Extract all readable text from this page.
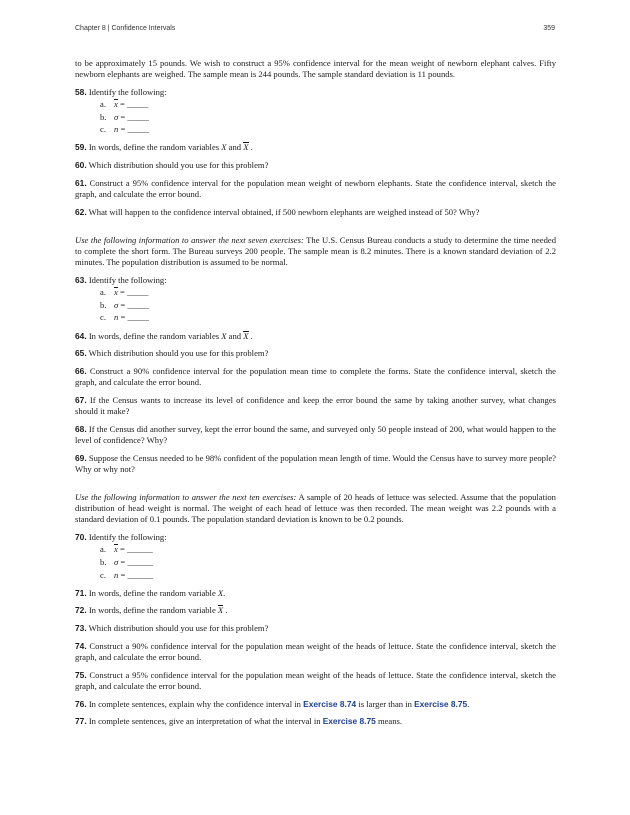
Chapter 8 | Confidence Intervals	359

to be approximately 15 pounds. We wish to construct a 95% confidence interval for the mean weight of newborn elephant calves. Fifty newborn elephants are weighed. The sample mean is 244 pounds. The sample standard deviation is 11 pounds.

58. Identify the following:

a. x = _____
b. σ = _____
c. n = _____

59. In words, define the random variables X and X .

60. Which distribution should you use for this problem?

61. Construct a 95% confidence interval for the population mean weight of newborn elephants. State the confidence interval, sketch the graph, and calculate the error bound.

62. What will happen to the confidence interval obtained, if 500 newborn elephants are weighed instead of 50? Why?

Use the following information to answer the next seven exercises: The U.S. Census Bureau conducts a study to determine the time needed to complete the short form. The Bureau surveys 200 people. The sample mean is 8.2 minutes. There is a known standard deviation of 2.2 minutes. The population distribution is assumed to be normal.

63. Identify the following:

a. x = _____
b. σ = _____
c. n = _____

64. In words, define the random variables X and X .

65. Which distribution should you use for this problem?

66. Construct a 90% confidence interval for the population mean time to complete the forms. State the confidence interval, sketch the graph, and calculate the error bound.

67. If the Census wants to increase its level of confidence and keep the error bound the same by taking another survey, what changes should it make?

68. If the Census did another survey, kept the error bound the same, and surveyed only 50 people instead of 200, what would happen to the level of confidence? Why?

69. Suppose the Census needed to be 98% confident of the population mean length of time. Would the Census have to survey more people? Why or why not?

Use the following information to answer the next ten exercises: A sample of 20 heads of lettuce was selected. Assume that the population distribution of head weight is normal. The weight of each head of lettuce was then recorded. The mean weight was 2.2 pounds with a standard deviation of 0.1 pounds. The population standard deviation is known to be 0.2 pounds.

70. Identify the following:

a. x = ______
b. σ = ______
c. n = ______

71. In words, define the random variable X.

72. In words, define the random variable X .

73. Which distribution should you use for this problem?

74. Construct a 90% confidence interval for the population mean weight of the heads of lettuce. State the confidence interval, sketch the graph, and calculate the error bound.

75. Construct a 95% confidence interval for the population mean weight of the heads of lettuce. State the confidence interval, sketch the graph, and calculate the error bound.

76. In complete sentences, explain why the confidence interval in Exercise 8.74 is larger than in Exercise 8.75.

77. In complete sentences, give an interpretation of what the interval in Exercise 8.75 means.
